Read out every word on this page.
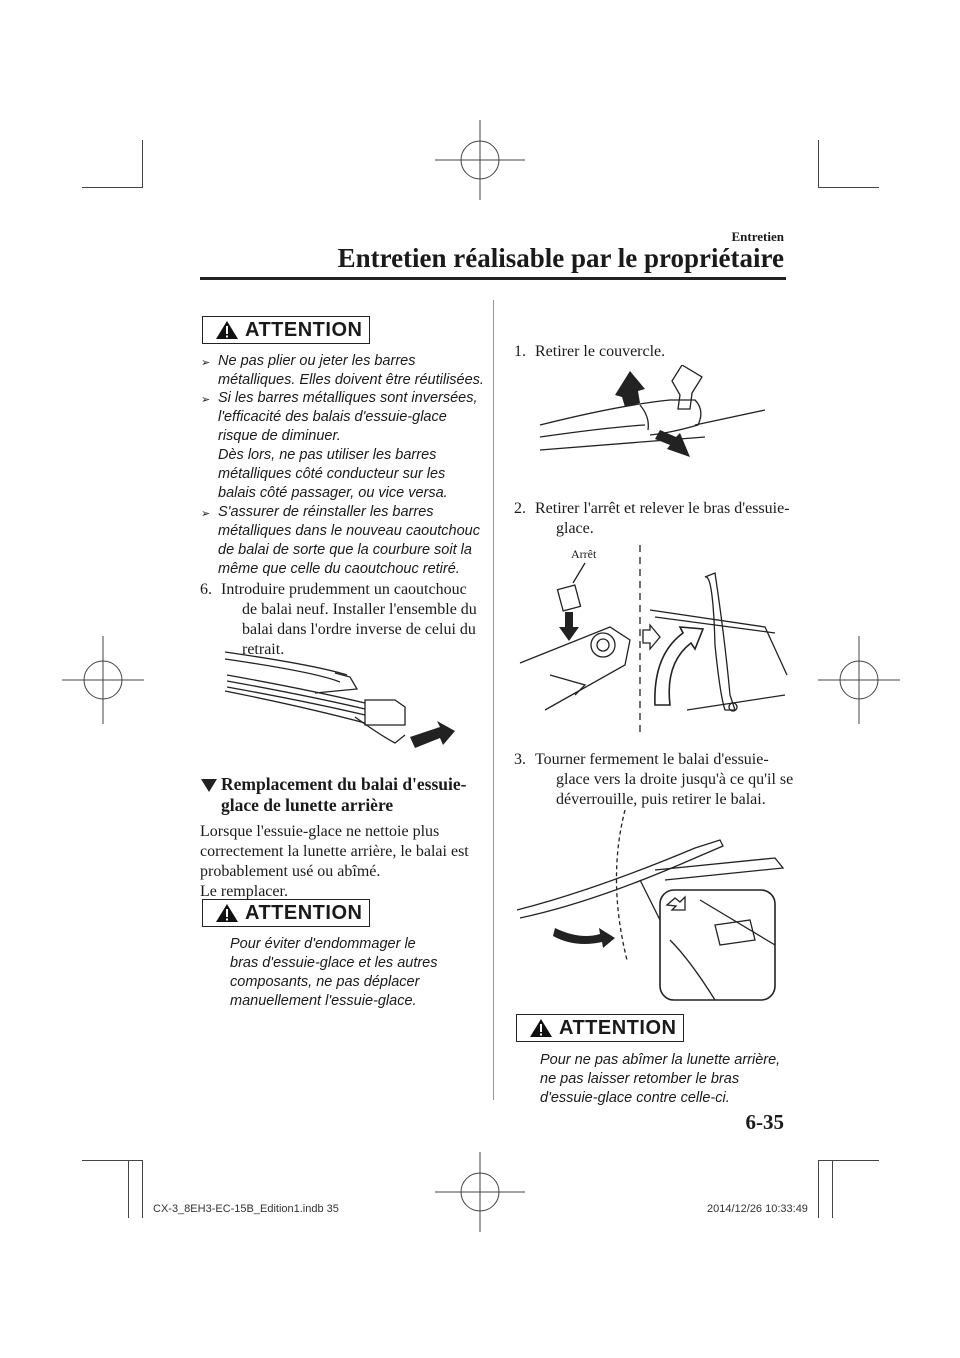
Entretien
Entretien réalisable par le propriétaire
ATTENTION
➢ Ne pas plier ou jeter les barres
métalliques. Elles doivent être réutilisées.
➢ Si les barres métalliques sont inversées,
l'efficacité des balais d'essuie-glace
risque de diminuer.
Dès lors, ne pas utiliser les barres
métalliques côté conducteur sur les
balais côté passager, ou vice versa.
➢ S'assurer de réinstaller les barres
métalliques dans le nouveau caoutchouc
de balai de sorte que la courbure soit la
même que celle du caoutchouc retiré.
6. Introduire prudemment un caoutchouc
de balai neuf. Installer l'ensemble du
balai dans l'ordre inverse de celui du
retrait.
Remplacement du balai d'essuie-
glace de lunette arrière
Lorsque l'essuie-glace ne nettoie plus
correctement la lunette arrière, le balai est
probablement usé ou abîmé.
Le remplacer.
ATTENTION
Pour éviter d'endommager le
bras d'essuie-glace et les autres
composants, ne pas déplacer
manuellement l'essuie-glace.
1. Retirer le couvercle.
2. Retirer l'arrêt et relever le bras d'essuie-
glace.
Arrêt
3. Tourner fermement le balai d'essuie-
glace vers la droite jusqu'à ce qu'il se
déverrouille, puis retirer le balai.
ATTENTION
Pour ne pas abîmer la lunette arrière,
ne pas laisser retomber le bras
d'essuie-glace contre celle-ci.
6-35
CX-3_8EH3-EC-15B_Edition1.indb 35	2014/12/26 10:33:49
